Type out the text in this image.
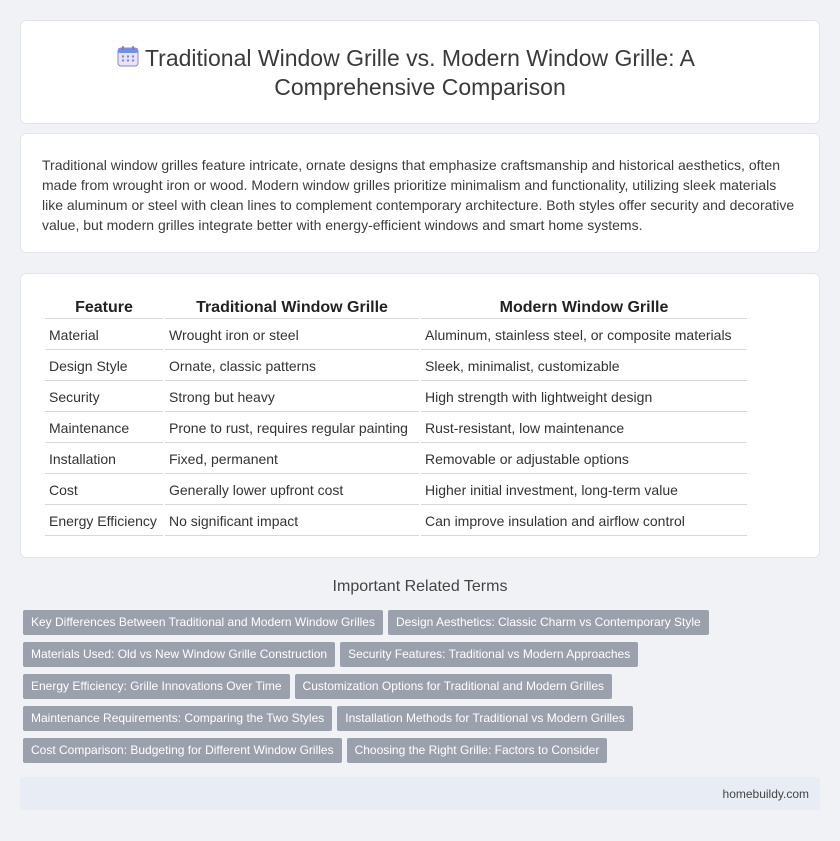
Traditional Window Grille vs. Modern Window Grille: A Comprehensive Comparison

Traditional window grilles feature intricate, ornate designs that emphasize craftsmanship and historical aesthetics, often made from wrought iron or wood. Modern window grilles prioritize minimalism and functionality, utilizing sleek materials like aluminum or steel with clean lines to complement contemporary architecture. Both styles offer security and decorative value, but modern grilles integrate better with energy-efficient windows and smart home systems.

Feature	Traditional Window Grille	Modern Window Grille
Material	Wrought iron or steel	Aluminum, stainless steel, or composite materials
Design Style	Ornate, classic patterns	Sleek, minimalist, customizable
Security	Strong but heavy	High strength with lightweight design
Maintenance	Prone to rust, requires regular painting	Rust-resistant, low maintenance
Installation	Fixed, permanent	Removable or adjustable options
Cost	Generally lower upfront cost	Higher initial investment, long-term value
Energy Efficiency	No significant impact	Can improve insulation and airflow control
Important Related Terms
Key Differences Between Traditional and Modern Window Grilles Design Aesthetics: Classic Charm vs Contemporary Style
Materials Used: Old vs New Window Grille Construction Security Features: Traditional vs Modern Approaches
Energy Efficiency: Grille Innovations Over Time Customization Options for Traditional and Modern Grilles
Maintenance Requirements: Comparing the Two Styles Installation Methods for Traditional vs Modern Grilles
Cost Comparison: Budgeting for Different Window Grilles Choosing the Right Grille: Factors to Consider
homebuildy.com
